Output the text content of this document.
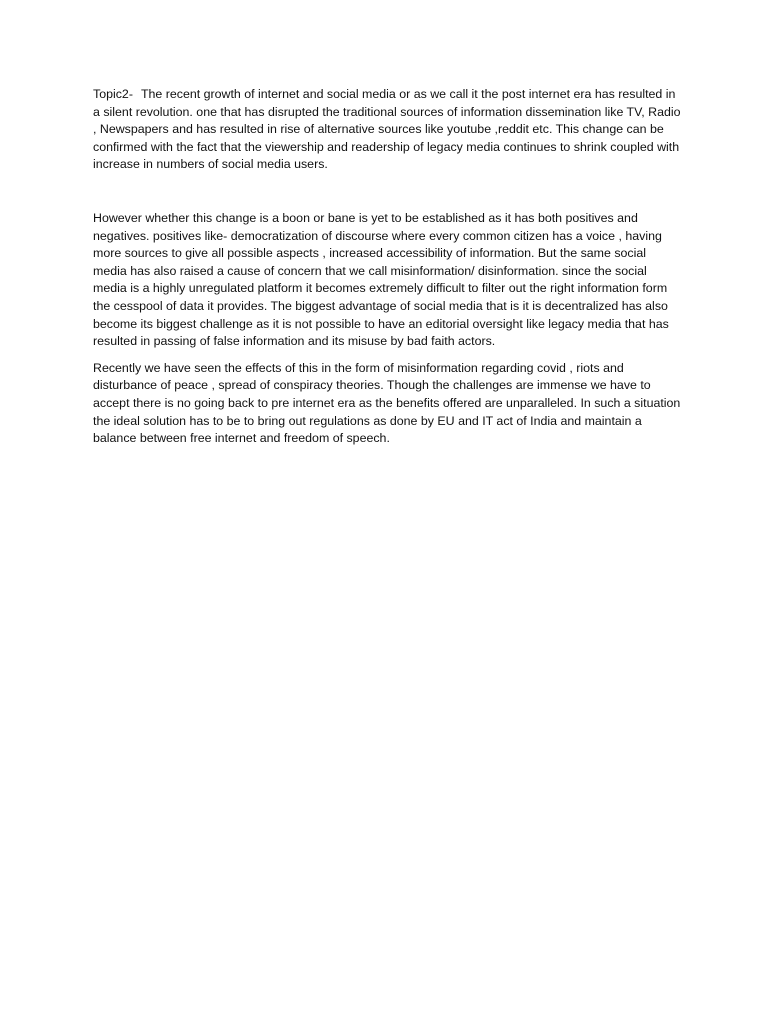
Topic2- The recent growth of internet and social media or as we call it the post internet era has resulted in a silent revolution. one that has disrupted the traditional sources of information dissemination like TV, Radio , Newspapers and has resulted in rise of alternative sources like youtube ,reddit etc. This change can be confirmed with the fact that the viewership and readership of legacy media continues to shrink coupled with increase in numbers of social media users.

However whether this change is a boon or bane is yet to be established as it has both positives and negatives. positives like- democratization of discourse where every common citizen has a voice , having more sources to give all possible aspects , increased accessibility of information. But the same social media has also raised a cause of concern that we call misinformation/ disinformation. since the social media is a highly unregulated platform it becomes extremely difficult to filter out the right information form the cesspool of data it provides. The biggest advantage of social media that is it is decentralized has also become its biggest challenge as it is not possible to have an editorial oversight like legacy media that has resulted in passing of false information and its misuse by bad faith actors.

Recently we have seen the effects of this in the form of misinformation regarding covid , riots and disturbance of peace , spread of conspiracy theories. Though the challenges are immense we have to accept there is no going back to pre internet era as the benefits offered are unparalleled. In such a situation the ideal solution has to be to bring out regulations as done by EU and IT act of India and maintain a balance between free internet and freedom of speech.
